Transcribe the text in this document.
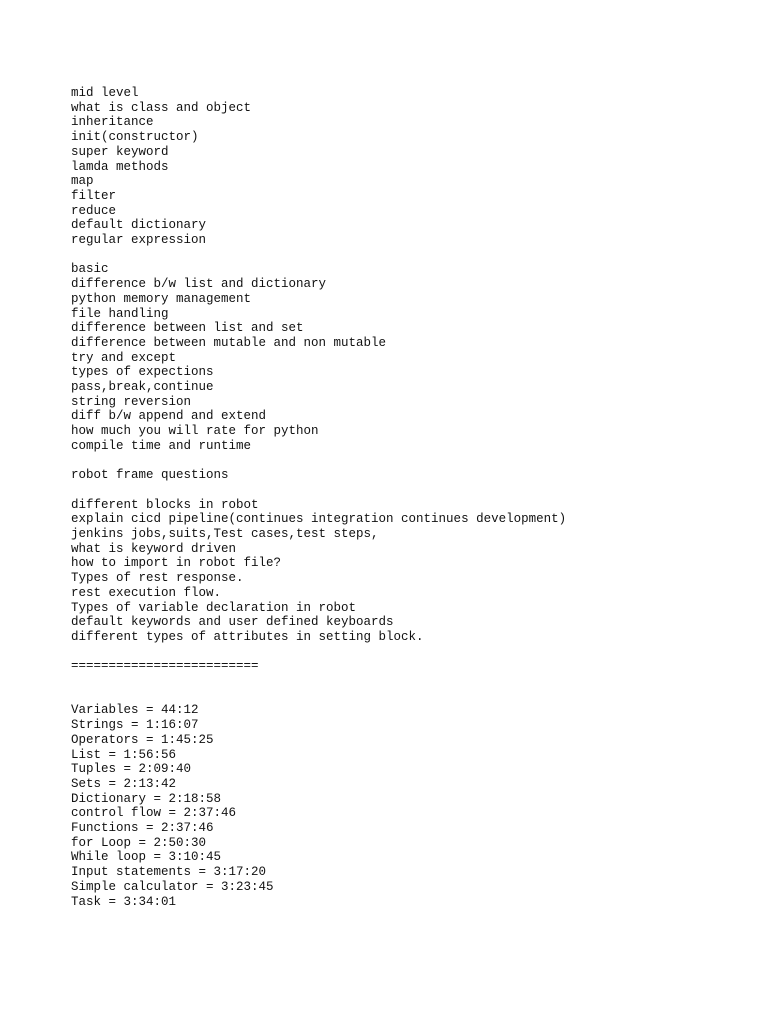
mid level
what is class and object
inheritance
init(constructor)
super keyword
lamda methods
map
filter
reduce
default dictionary
regular expression
basic
difference b/w list and dictionary
python memory management
file handling
difference between list and set
difference between mutable and non mutable
try and except
types of expections
pass,break,continue
string reversion
diff b/w append and extend
how much you will rate for python
compile time and runtime
robot frame questions
different blocks in robot
explain cicd pipeline(continues integration continues development)
jenkins jobs,suits,Test cases,test steps,
what is keyword driven
how to import in robot file?
Types of rest response.
rest execution flow.
Types of variable declaration in robot
default keywords and user defined keyboards
different types of attributes in setting block.
=========================
Variables = 44:12
Strings = 1:16:07
Operators = 1:45:25
List = 1:56:56
Tuples = 2:09:40
Sets = 2:13:42
Dictionary = 2:18:58
control flow = 2:37:46
Functions = 2:37:46
for Loop = 2:50:30
While loop = 3:10:45
Input statements = 3:17:20
Simple calculator = 3:23:45
Task = 3:34:01
